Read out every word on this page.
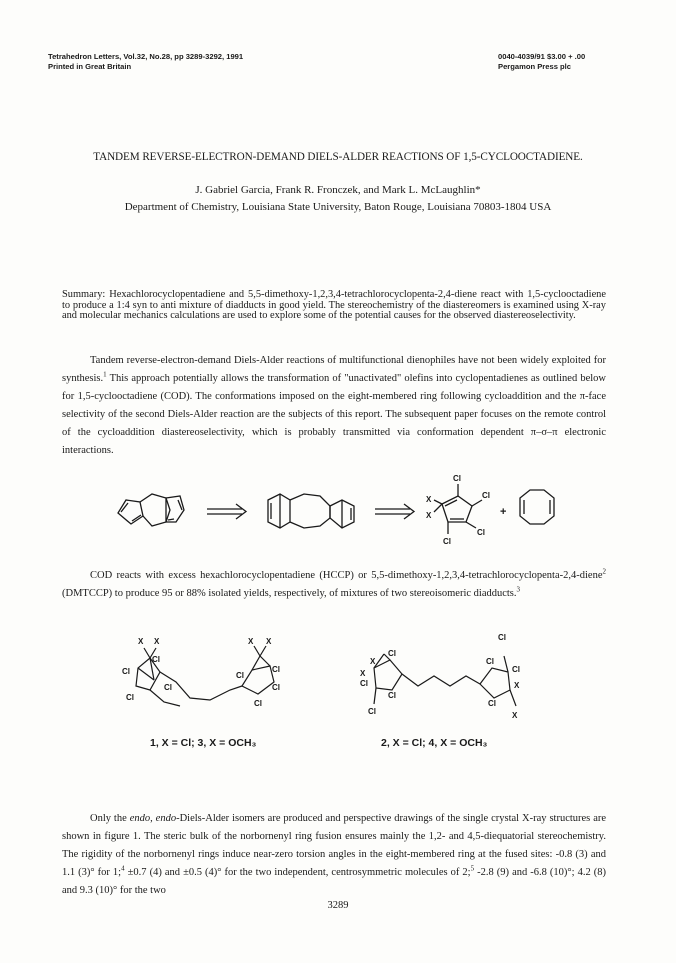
Tetrahedron Letters, Vol.32, No.28, pp 3289-3292, 1991
Printed in Great Britain
0040-4039/91 $3.00 + .00
Pergamon Press plc
TANDEM REVERSE-ELECTRON-DEMAND DIELS-ALDER REACTIONS OF 1,5-CYCLOOCTADIENE.
J. Gabriel Garcia, Frank R. Fronczek, and Mark L. McLaughlin*
Department of Chemistry, Louisiana State University, Baton Rouge, Louisiana 70803-1804 USA
Summary: Hexachlorocyclopentadiene and 5,5-dimethoxy-1,2,3,4-tetrachlorocyclopenta-2,4-diene react with 1,5-cyclooctadiene to produce a 1:4 syn to anti mixture of diadducts in good yield. The stereochemistry of the diastereomers is examined using X-ray and molecular mechanics calculations are used to explore some of the potential causes for the observed diastereoselectivity.
Tandem reverse-electron-demand Diels-Alder reactions of multifunctional dienophiles have not been widely exploited for synthesis.$^1$ This approach potentially allows the transformation of "unactivated" olefins into cyclopentadienes as outlined below for 1,5-cyclooctadiene (COD). The conformations imposed on the eight-membered ring following cycloaddition and the π-face selectivity of the second Diels-Alder reaction are the subjects of this report. The subsequent paper focuses on the remote control of the cycloaddition diastereoselectivity, which is probably transmitted via conformation dependent π–σ–π electronic interactions.
Cl
Cl
Cl
Cl
X
X	+
COD reacts with excess hexachlorocyclopentadiene (HCCP) or 5,5-dimethoxy-1,2,3,4-tetrachlorocyclopenta-2,4-diene$^2$ (DMTCCP) to produce 95 or 88% isolated yields, respectively, of mixtures of two stereoisomeric diadducts.$^3$
X X
Cl
Cl
Cl
Cl
X X
Cl
Cl
Cl
Cl
X
Cl
X
Cl
Cl
Cl
Cl
Cl
Cl
X
Cl
X
1, X = Cl; 3, X = OCH₃	2, X = Cl; 4, X = OCH₃
Only the endo, endo-Diels-Alder isomers are produced and perspective drawings of the single crystal X-ray structures are shown in figure 1. The steric bulk of the norbornenyl ring fusion ensures mainly the 1,2- and 4,5-diequatorial stereochemistry. The rigidity of the norbornenyl rings induce near-zero torsion angles in the eight-membered ring at the fused sites: -0.8 (3) and 1.1 (3)° for 1;$^4$ ±0.7 (4) and ±0.5 (4)° for the two independent, centrosymmetric molecules of 2;$^5$ -2.8 (9) and -6.8 (10)°; 4.2 (8) and 9.3 (10)° for the two
3289
